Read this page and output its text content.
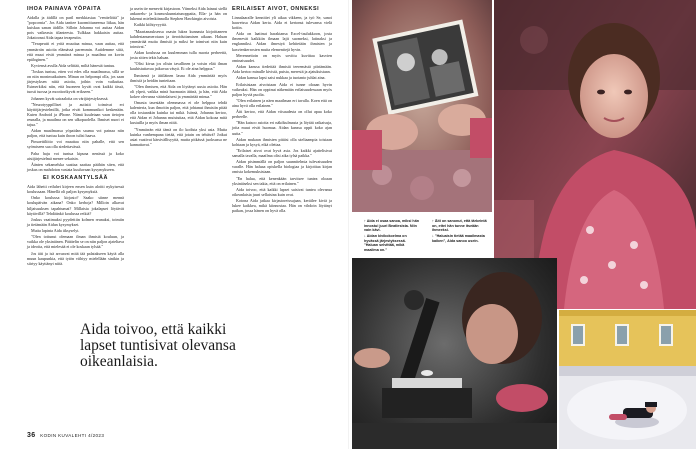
IHOA PAINAVA YÖPAITA

Aidalla ja äidillä on paril merkkiasiaa "venttelöitä" ja "popcornia". Jos Aida tanttee kuormittuneensa liikaa, hän kuiskaa sanan äidille. Silloin Johanna voi auttaa Aidan pois vaikeasta tilanteesta. Tulkkaa hakkaisin auttaa. Jokatoonai Aida tapaa terapeutin.

"Terapeutti ei yritä muuttaa minua, vaan auttaa, että ymmärrän asioita elämässä paremmin. Autidemme siitä, että muut eivät ymmärrä minua ja maailma on kovin epäloginen."

Kyviensä avulla Aida selittää, miltä hänestä tuntuu.

"Joskus tuntuu, etten voi edes olla maailmassa, sillä se on niin monimutkainen. Minun on helpompi olla, jos saan järjestyksen niitä asioita, joihin voin vaikuttaa. Esimerkiksi niin, että huoneen kyvät ovat kaikki tässä, tuosti tuossa ja moottorikyvät erikseen."

Johanen kyvät sairaaloita on värijärjestyksessä.

"Neurotyyppilliset ja autistit toimivat eri käyttöjärjestelmillä, jotka eivät kommunikoi keskenään. Kuten Android ja iPhone. Nämä kuuletaan vaan tietojen reunalla, ja maailma on sen ulkopuolella. Ihmiset nuori ei tajua."

Aidan maailmassa yöpaidan sauma voi painaa niin paljon, että tuntuu kuin ihoon tulisi haava.

Pinsaettiliitto voi muuttaa niin pahalle, että sen syömiseen saa olla siedettavässä.

Paha haju voi tuntua kipuna nenässä ja koko aistijärjestelmä menee sekaisin.

Äänten sekamelska saattaa saattaa päähän siten, että joskus on mahdoton vastata kuuluvaan kysymykseen.

EI KOSKAANTYLSÄÄ

Aida lähetti reiluhet kirjeen ensen kuin aloitti nykyisessä koulussaan. Hänellä oli paljon kysymyksiä.

Onko koulussa kirjasto? Saako siinne mennä koulupäivän aikana? Onko kerhoja? Milloin alkavat hiljaisuuksen tapahtumat? Millaisia jokalapset löytävät käytävillä? Tehdäänkö koulussa retkiä?

Joskus vaatimuksi pyydettiin kolmen reunaksi, toimiin ja tietämään Aidan kysymykset.

Mutta lapinta Aida iiksyselyt.

"Olen tottunut olemaan ilman ihmisiä kouluun, ja vaikka ole yksinäinen. Päättelin se on niin paljon ajateltava ja ideoita, että mielesää ei ole koskaan tylsää."

Jos äiti ja isä arvaavat mitä tää palatakseen käytä alla muun kaupunkia, että tytön viihtyy mielellään sinikin ja siirtyy käyttänyt niitä.

ja usein tie menevät kirjastoon. Viimeksi Aida lainasi siellä ankarrelu- ja kosmoskunniatunoppaita, Ella- ja hän on lukenut mielenkiinnolla Stephen Hawkingin aivoista.

Kaikki kiihtyvyyttä.

"Maarianauksessa osasin lukea kunnasta kirjoittaneen kahdestanumerotaan ja iteroiduttamisen aikaan. Haluan ymmärtää muita ihmisiä ja miksi he toimivat niin kuin toimivat."

Aidan koulussa on kuulemman tulla nuoria perheettä, josta sitten tekis haluan.

"Olisi kivaa jos olisin tavallinen ja voisin elää ilman kauhistuttavaa jatkuvaa väsyä. Ei ole aina helppoa."

Ihmisenä ja äitiläinen lasna Aida ymmärtää myös ihmisiä ja heidän tunteitaan.

"Olen ihmisen, että Aida on löytänyt uusia asioita. Hän oli ylpeä, vaikka minä huomasin äitinä, ja hän, että Aida kokee olevansa väärinlaisesi ja ymmärtää minua."

Omasta tasestään olemmassa ei ole helppoa tehdä kalenteria, kun ilmoitin paljon, että johtanut ihmisiin pitää olla tosiaankin kuinka tai mikä. Isänsä, Johanna kertoo, että Aidan ei Johanna muistuttaa, että Aidan kokoaa mitä kustuilla ja myös ilman niitä.

"Ymmärrän että tämä on ilo kodista yksi asia. Mutta kuinka vanhempana tietää, että jotain on tehtävä? Jotkut asiat vaativat kärsivällisyyttä, mutta pitkässä juoksussa ne kannattavat."

ERILAISET AIVOT, ONNEKSI

Linnalaaralle kennitiet yli aikaa vikkeen, ja työ Se, sanoi haaveissa Aidan kerta. Aida ei kertonut tulevansa vielä kotiin.

Aida on laatinut haraktansa Excel-taulukkoon, josta ilmenevät kaikkiin ilmaan lajit suomeksi, latinaksi ja englanniksi. Aidan ilmestyä kehitetään ihmisten ja kasvienkerrosten muita elementtejä hyvin.

Merenneitoin on myös sovittu kuvittaa kasvien ominaisuudet.

Aidan kanssa tiedettää ihmisiä teeremästä piirtämään. Aida kertoo minulle kivistä, puista, merestä ja ajatuksistaan.

Aidan kanssa lapsi saisi nukkaa ja tuotanto juhlat aina.

Erilaisistaan aivoistaan Aida ei tunne oloaan hyvin vaikeaksi. Hän on oppinut näkemään erilaisuudessaan myös paljon hyviä puolia.

"Olen erilainen ja näen maailman eri tavalla. Koen että on aina hyvä olla erilainen."

Äiti kertoo, että Aidan viisaudesta on ollut apua koko perheelle.

"Hän katsoo asioita eri näkökulmasta ja löytää ratkaisuja, joita muut eivät huomaa. Aidan kanssa oppii koko ajan uutta."

Aidan mukaan ihmisten pitäisi olla uteliaampia toisiaan kohtaan ja kysyä, eikä olettaa.

"Erilaiset aivot ovat hyvä asia. Jos kaikki ajattelisivat samalla tavalla, maailma olisi aika tylsä paikka."

Aidan pisimmällä on paljon suunnitelmia tulevaisuuden varalle. Hän haluaa opiskella biologiaa ja kirjoittaa kirjan omista kokemuksistaan.

"En halua, että kenenkään tarvitsee tuntea oloaan yksinäiseksi sen takia, että on erilainen."

Aida toivoo, että kaikki lapset saisivat tuntea olevansa oikeanlaisia juuri sellaisina kuin ovat.

Kotona Aida jatkaa kirjastoreissujaan, keräilee kiviä ja lukee kaikkea, mikä kiinnostaa. Hän on vihdoin löytänyt paikan, jossa hänen on hyvä olla.

Aida toivoo, että kaikki lapset tuntisivat olevansa oikeanlaisia.
36 KODIN KUVALEHTI 4/2023
↑ Aida ei osaa sanoa, miksi hän innostui juuri Beatlesista. Niin vain kävi.
↓ Aidan kivikokoelma on hyvässä järjestyksessä. "Haluan selvittää, mikä maailma on."
↑ Äiti on sanonut, että tärkeintä on, ettei hän tunne itseään ihmeeksi.
↓ "Haluaisin tietää maailmasta kaiken", Aida sanoo usein.
